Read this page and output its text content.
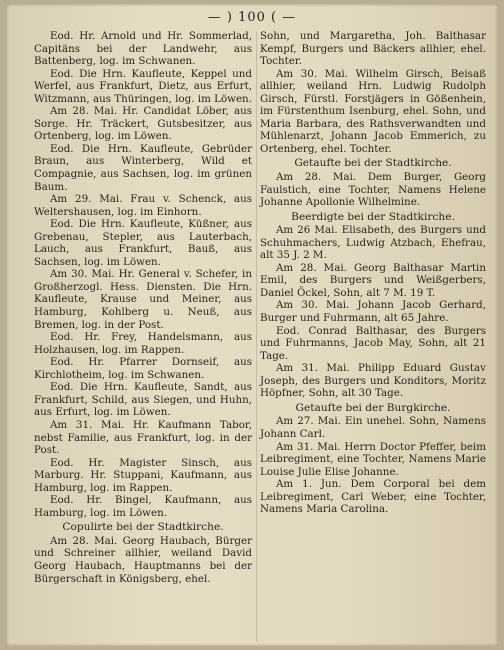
— ) 100 ( —

Eod. Hr. Arnold und Hr. Sommerlad, Capitäns bei der Landwehr, aus Battenberg, log. im Schwanen.

Eod. Die Hrn. Kaufleute, Keppel und Werfel, aus Frankfurt, Dietz, aus Erfurt, Witzmann, aus Thüringen, log. im Löwen.

Am 28. Mai. Hr. Candidat Löber, aus Sorge. Hr. Träckert, Gutsbesitzer, aus Ortenberg, log. im Löwen.

Eod. Die Hrn. Kaufleute, Gebrüder Braun, aus Winterberg, Wild et Compagnie, aus Sachsen, log. im grünen Baum.

Am 29. Mai. Frau v. Schenck, aus Weltershausen, log. im Einhorn.

Eod. Die Hrn. Kaufleute, Küßner, aus Grebenau, Stepler, aus Lauterbach, Lauch, aus Frankfurt, Bauß, aus Sachsen, log. im Löwen.

Am 30. Mai. Hr. General v. Schefer, in Großherzogl. Hess. Diensten. Die Hrn. Kaufleute, Krause und Meiner, aus Hamburg, Kohlberg u. Neuß, aus Bremen, log. in der Post.

Eod. Hr. Frey, Handelsmann, aus Holzhausen, log. im Rappen.

Eod. Hr. Pfarrer Dornseif, aus Kirchlotheim, log. im Schwanen.

Eod. Die Hrn. Kaufleute, Sandt, aus Frankfurt, Schild, aus Siegen, und Huhn, aus Erfurt, log. im Löwen.

Am 31. Mai. Hr. Kaufmann Tabor, nebst Familie, aus Frankfurt, log. in der Post.

Eod. Hr. Magister Sinsch, aus Marburg. Hr. Stuppani, Kaufmann, aus Hamburg, log. im Rappen.

Eod. Hr. Bingel, Kaufmann, aus Hamburg, log. im Löwen.

Copulirte bei der Stadtkirche.

Am 28. Mai. Georg Haubach, Bürger und Schreiner allhier, weiland David Georg Haubach, Hauptmanns bei der Bürgerschaft in Königsberg, ehel.

Sohn, und Margaretha, Joh. Balthasar Kempf, Burgers und Bäckers allhier, ehel. Tochter.

Am 30. Mai. Wilhelm Girsch, Beisaß allhier, weiland Hrn. Ludwig Rudolph Girsch, Fürstl. Forstjägers in Gößenhein, im Fürstenthum Isenburg, ehel. Sohn, und Maria Barbara, des Rathsverwandten und Mühlenarzt, Johann Jacob Emmerich, zu Ortenberg, ehel. Tochter.

Getaufte bei der Stadtkirche.

Am 28. Mai. Dem Burger, Georg Faulstich, eine Tochter, Namens Helene Johanne Apollonie Wilhelmine.

Beerdigte bei der Stadtkirche.

Am 26 Mai. Elisabeth, des Burgers und Schuhmachers, Ludwig Atzbach, Ehefrau, alt 35 J. 2 M.

Am 28. Mai. Georg Balthasar Martin Emil, des Burgers und Weißgerbers, Daniel Öckel, Sohn, alt 7 M. 19 T.

Am 30. Mai. Johann Jacob Gerhard, Burger und Fuhrmann, alt 65 Jahre.

Eod. Conrad Balthasar, des Burgers und Fuhrmanns, Jacob May, Sohn, alt 21 Tage.

Am 31. Mai. Philipp Eduard Gustav Joseph, des Burgers und Konditors, Moritz Höpfner, Sohn, alt 30 Tage.

Getaufte bei der Burgkirche.

Am 27. Mai. Ein unehel. Sohn, Namens Johann Carl.

Am 31. Mai. Herrn Doctor Pfeffer, beim Leibregiment, eine Tochter, Namens Marie Louise Julie Elise Johanne.

Am 1. Jun. Dem Corporal bei dem Leibregiment, Carl Weber, eine Tochter, Namens Maria Carolina.
